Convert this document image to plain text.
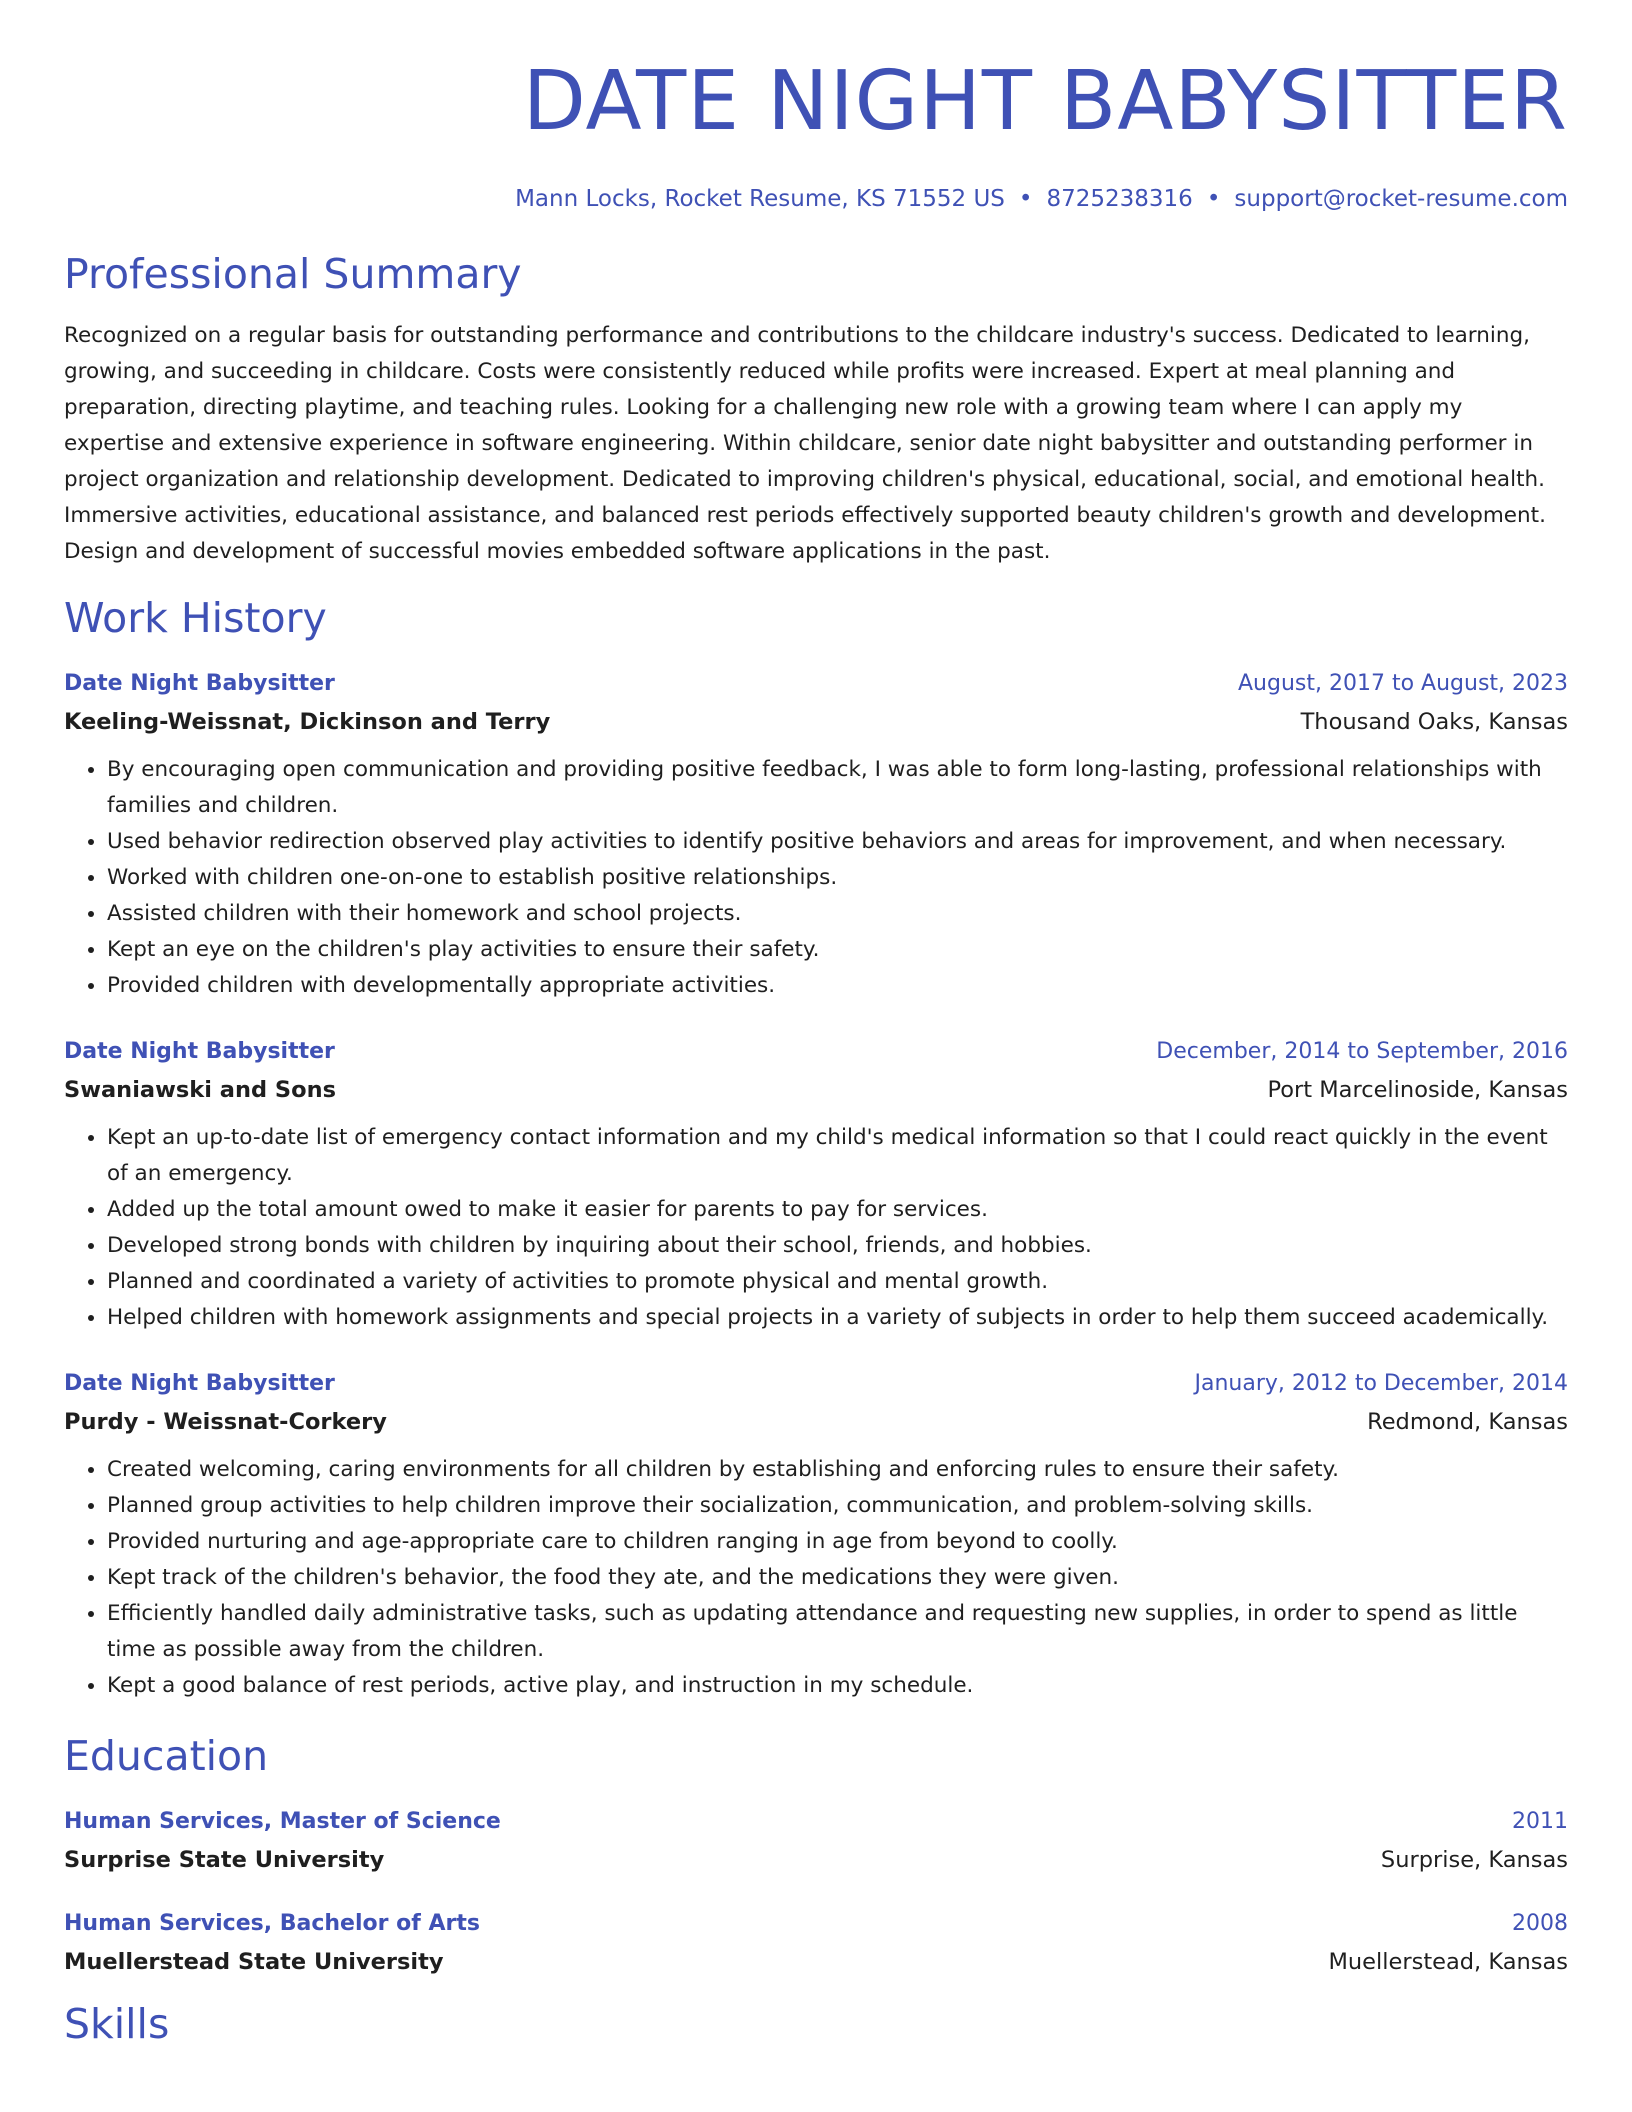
DATE NIGHT BABYSITTER
Mann Locks, Rocket Resume, KS 71552 US • 8725238316 • support@rocket-resume.com
Professional Summary
Recognized on a regular basis for outstanding performance and contributions to the childcare industry's success. Dedicated to learning, growing, and succeeding in childcare. Costs were consistently reduced while profits were increased. Expert at meal planning and preparation, directing playtime, and teaching rules. Looking for a challenging new role with a growing team where I can apply my expertise and extensive experience in software engineering. Within childcare, senior date night babysitter and outstanding performer in project organization and relationship development. Dedicated to improving children's physical, educational, social, and emotional health. Immersive activities, educational assistance, and balanced rest periods effectively supported beauty children's growth and development. Design and development of successful movies embedded software applications in the past.
Work History
Date Night Babysitter	August, 2017 to August, 2023
Keeling-Weissnat, Dickinson and Terry	Thousand Oaks, Kansas
• By encouraging open communication and providing positive feedback, I was able to form long-lasting, professional relationships with families and children.
• Used behavior redirection observed play activities to identify positive behaviors and areas for improvement, and when necessary.
• Worked with children one-on-one to establish positive relationships.
• Assisted children with their homework and school projects.
• Kept an eye on the children's play activities to ensure their safety.
• Provided children with developmentally appropriate activities.
Date Night Babysitter	December, 2014 to September, 2016
Swaniawski and Sons	Port Marcelinoside, Kansas
• Kept an up-to-date list of emergency contact information and my child's medical information so that I could react quickly in the event of an emergency.
• Added up the total amount owed to make it easier for parents to pay for services.
• Developed strong bonds with children by inquiring about their school, friends, and hobbies.
• Planned and coordinated a variety of activities to promote physical and mental growth.
• Helped children with homework assignments and special projects in a variety of subjects in order to help them succeed academically.
Date Night Babysitter	January, 2012 to December, 2014
Purdy - Weissnat-Corkery	Redmond, Kansas
• Created welcoming, caring environments for all children by establishing and enforcing rules to ensure their safety.
• Planned group activities to help children improve their socialization, communication, and problem-solving skills.
• Provided nurturing and age-appropriate care to children ranging in age from beyond to coolly.
• Kept track of the children's behavior, the food they ate, and the medications they were given.
• Efficiently handled daily administrative tasks, such as updating attendance and requesting new supplies, in order to spend as little time as possible away from the children.
• Kept a good balance of rest periods, active play, and instruction in my schedule.
Education
Human Services, Master of Science	2011
Surprise State University	Surprise, Kansas
Human Services, Bachelor of Arts	2008
Muellerstead State University	Muellerstead, Kansas
Skills
